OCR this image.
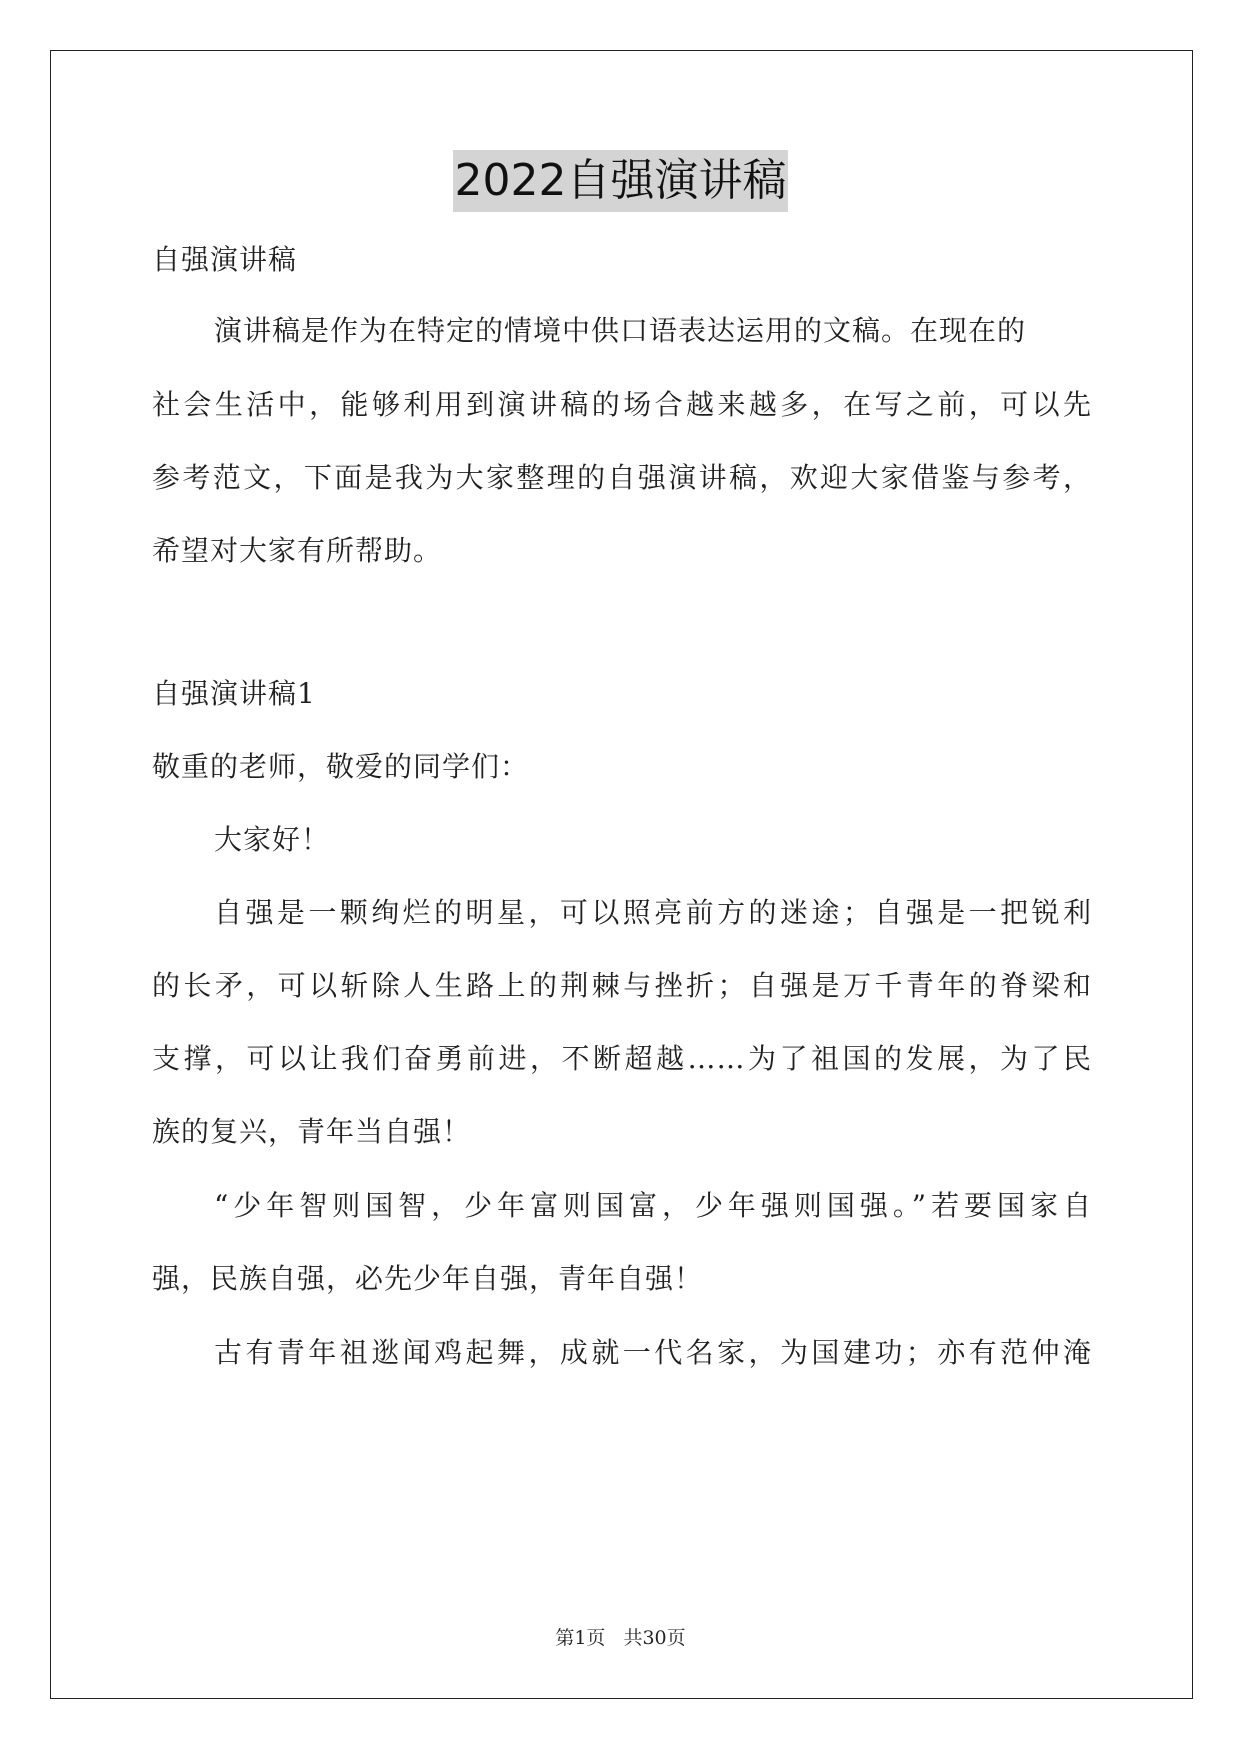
2022自强演讲稿
自强演讲稿
演讲稿是作为在特定的情境中供口语表达运用的文稿。在现在的
社会生活中，能够利用到演讲稿的场合越来越多，在写之前，可以先
参考范文，下面是我为大家整理的自强演讲稿，欢迎大家借鉴与参考，
希望对大家有所帮助。
自强演讲稿1
敬重的老师，敬爱的同学们：
大家好！
自强是一颗绚烂的明星，可以照亮前方的迷途；自强是一把锐利
的长矛，可以斩除人生路上的荆棘与挫折；自强是万千青年的脊梁和
支撑，可以让我们奋勇前进，不断超越……为了祖国的发展，为了民
族的复兴，青年当自强！
“少年智则国智，少年富则国富，少年强则国强。”若要国家自
强，民族自强，必先少年自强，青年自强！
古有青年祖逖闻鸡起舞，成就一代名家，为国建功；亦有范仲淹
第1页 共30页
